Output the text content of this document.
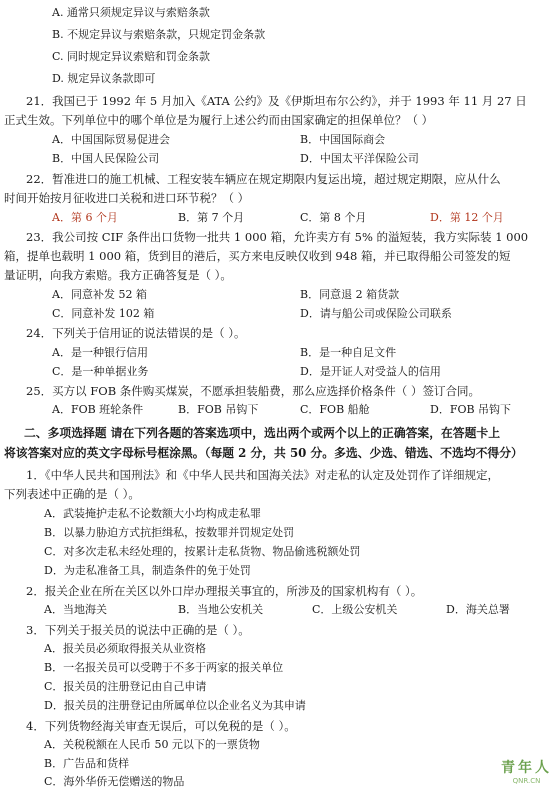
A. 通常只须规定异议与索赔条款
B. 不规定异议与索赔条款，只规定罚金条款
C. 同时规定异议索赔和罚金条款
D. 规定异议条款即可
21．我国已于 1992 年 5 月加入《ATA 公约》及《伊斯坦布尔公约》，并于 1993 年 11 月 27 日
正式生效。下列单位中的哪个单位是为履行上述公约而由国家确定的担保单位？（ ）
A．中国国际贸易促进会	B．中国国际商会
B．中国人民保险公司	D．中国太平洋保险公司
22．暂准进口的施工机械、工程安装车辆应在规定期限内复运出境，超过规定期限，应从什么
时间开始按月征收进口关税和进口环节税？（ ）
A．第 6 个月	B．第 7 个月	C．第 8 个月	D．第 12 个月
23．我公司按 CIF 条件出口货物一批共 1 000 箱，允许卖方有 5% 的溢短装，我方实际装 1 000
箱，提单也载明 1 000 箱，货到目的港后，买方来电反映仅收到 948 箱，并已取得船公司签发的短
量证明，向我方索赔。我方正确答复是（ ）。
A．同意补发 52 箱	B．同意退 2 箱货款
C．同意补发 102 箱	D．请与船公司或保险公司联系
24．下列关于信用证的说法错误的是（ ）。
A．是一种银行信用	B．是一种自足文件
C．是一种单据业务	D．是开证人对受益人的信用
25．买方以 FOB 条件购买煤炭，不愿承担装船费，那么应选择价格条件（ ）签订合同。
A．FOB 班轮条件	B．FOB 吊钩下	C．FOB 船舱	D．FOB 吊钩下
二、多项选择题 请在下列各题的答案选项中，选出两个或两个以上的正确答案，在答题卡上
将该答案对应的英文字母标号框涂黑。（每题 2 分，共 50 分。多选、少选、错选、不选均不得分）
1．《中华人民共和国刑法》和《中华人民共和国海关法》对走私的认定及处罚作了详细规定，
下列表述中正确的是（ ）。
A．武装掩护走私不论数额大小均构成走私罪
B．以暴力胁迫方式抗拒缉私，按数罪并罚规定处罚
C．对多次走私未经处理的，按累计走私货物、物品偷逃税额处罚
D．为走私准备工具，制造条件的免于处罚
2．报关企业在所在关区以外口岸办理报关事宜的，所涉及的国家机构有（ ）。
A．当地海关	B．当地公安机关	C．上级公安机关	D．海关总署
3．下列关于报关员的说法中正确的是（ ）。
A．报关员必须取得报关从业资格
B．一名报关员可以受聘于不多于两家的报关单位
C．报关员的注册登记由自己申请
D．报关员的注册登记由所属单位以企业名义为其申请
4．下列货物经海关审查无误后，可以免税的是（ ）。
A．关税税额在人民币 50 元以下的一票货物
B．广告品和货样
C．海外华侨无偿赠送的物品
青年人
QNR.CN
